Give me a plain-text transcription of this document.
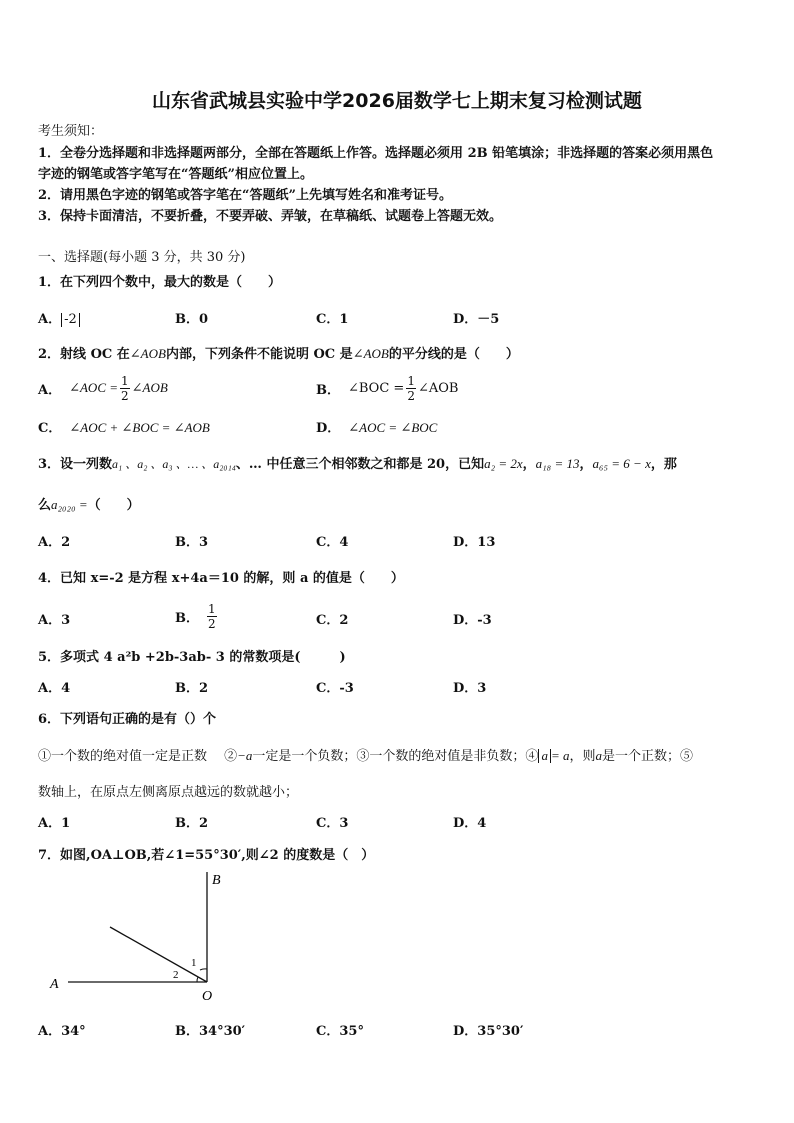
山东省武城县实验中学2026届数学七上期末复习检测试题
考生须知：
1．全卷分选择题和非选择题两部分，全部在答题纸上作答。选择题必须用 2B 铅笔填涂；非选择题的答案必须用黑色
字迹的钢笔或答字笔写在“答题纸”相应位置上。
2．请用黑色字迹的钢笔或答字笔在“答题纸”上先填写姓名和准考证号。
3．保持卡面清洁，不要折叠，不要弄破、弄皱，在草稿纸、试题卷上答题无效。
一、选择题(每小题 3 分，共 30 分)
1．在下列四个数中，最大的数是（　　）
A． -2	B．0	C．1	D．－5
2．射线 OC 在∠AOB内部，下列条件不能说明 OC 是∠AOB的平分线的是（　　）
A． ∠AOC = $\frac{1}{2}$ ∠AOB	B． ∠BOC = $\frac{1}{2}$ ∠AOB
C． ∠AOC + ∠BOC = ∠AOB	D． ∠AOC = ∠BOC
3．设一列数a₁ 、a₂ 、a₃ 、… 、a₂₀₁₄、… 中任意三个相邻数之和都是 20，已知a₂ = 2x，a₁₈ = 13，a₆₅ = 6 − x，那
么a₂₀₂₀ =（　　）
A．2	B．3	C．4	D．13
4．已知 x=-2 是方程 x+4a＝10 的解，则 a 的值是（　　）
A．3	B． $\frac{1}{2}$	C．2	D．-3
5．多项式 4 a²b +2b-3ab- 3 的常数项是(　　　)
A．4	B．2	C．-3	D．3
6．下列语句正确的是有（）个
①一个数的绝对值一定是正数　 ②−a一定是一个负数；③一个数的绝对值是非负数；④ a = a，则a是一个正数；⑤
数轴上，在原点左侧离原点越远的数就越小；
A．1	B．2	C．3	D．4
7．如图,OA⊥OB,若∠1=55°30′,则∠2 的度数是（　）
A
B
O
1
2
A．34°	B．34°30′	C．35°	D．35°30′
